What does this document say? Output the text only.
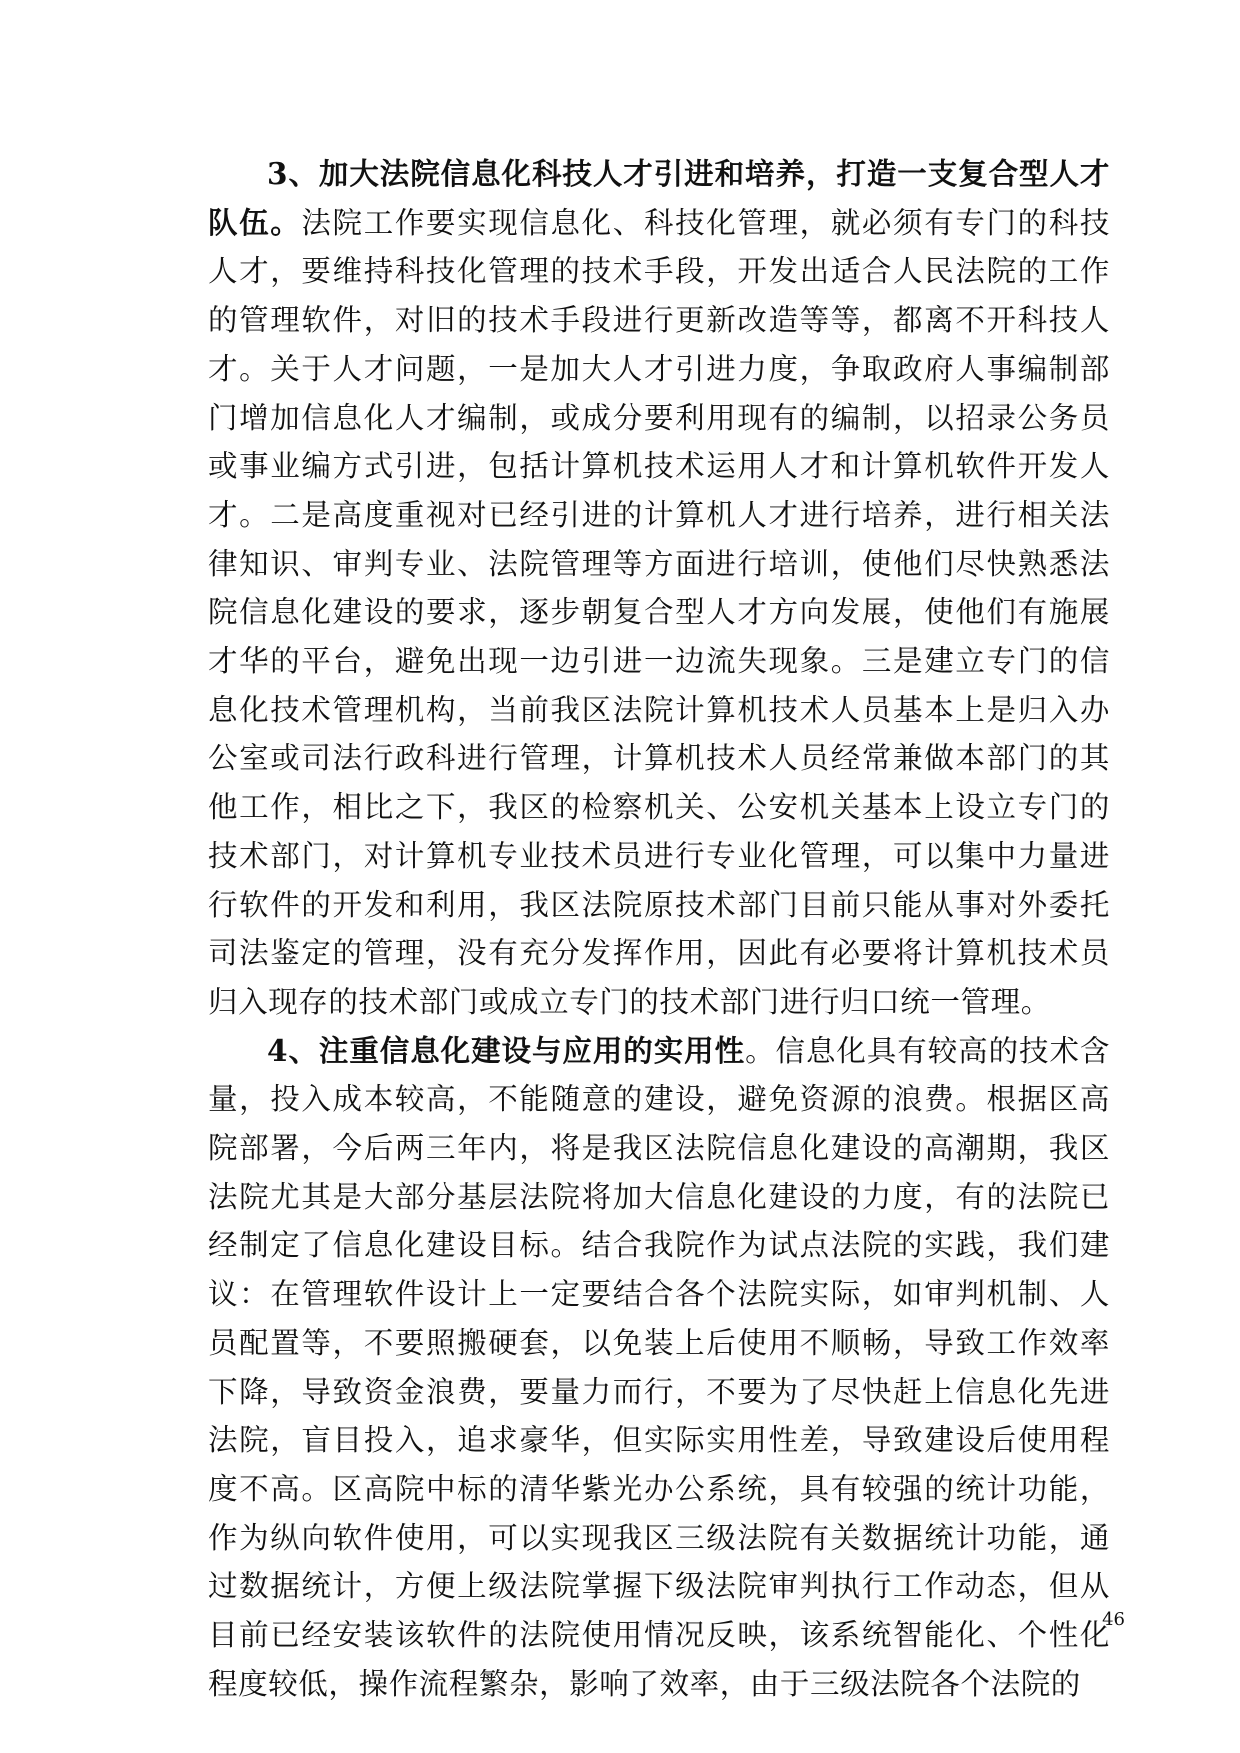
3、加大法院信息化科技人才引进和培养，打造一支复合型人才队伍。法院工作要实现信息化、科技化管理，就必须有专门的科技人才，要维持科技化管理的技术手段，开发出适合人民法院的工作的管理软件，对旧的技术手段进行更新改造等等，都离不开科技人才。关于人才问题，一是加大人才引进力度，争取政府人事编制部门增加信息化人才编制，或成分要利用现有的编制，以招录公务员或事业编方式引进，包括计算机技术运用人才和计算机软件开发人才。二是高度重视对已经引进的计算机人才进行培养，进行相关法律知识、审判专业、法院管理等方面进行培训，使他们尽快熟悉法院信息化建设的要求，逐步朝复合型人才方向发展，使他们有施展才华的平台，避免出现一边引进一边流失现象。三是建立专门的信息化技术管理机构，当前我区法院计算机技术人员基本上是归入办公室或司法行政科进行管理，计算机技术人员经常兼做本部门的其他工作，相比之下，我区的检察机关、公安机关基本上设立专门的技术部门，对计算机专业技术员进行专业化管理，可以集中力量进行软件的开发和利用，我区法院原技术部门目前只能从事对外委托司法鉴定的管理，没有充分发挥作用，因此有必要将计算机技术员归入现存的技术部门或成立专门的技术部门进行归口统一管理。

4、注重信息化建设与应用的实用性。信息化具有较高的技术含量，投入成本较高，不能随意的建设，避免资源的浪费。根据区高院部署，今后两三年内，将是我区法院信息化建设的高潮期，我区法院尤其是大部分基层法院将加大信息化建设的力度，有的法院已经制定了信息化建设目标。结合我院作为试点法院的实践，我们建议：在管理软件设计上一定要结合各个法院实际，如审判机制、人员配置等，不要照搬硬套，以免装上后使用不顺畅，导致工作效率下降，导致资金浪费，要量力而行，不要为了尽快赶上信息化先进法院，盲目投入，追求豪华，但实际实用性差，导致建设后使用程度不高。区高院中标的清华紫光办公系统，具有较强的统计功能，作为纵向软件使用，可以实现我区三级法院有关数据统计功能，通过数据统计，方便上级法院掌握下级法院审判执行工作动态，但从目前已经安装该软件的法院使用情况反映，该系统智能化、个性化程度较低，操作流程繁杂，影响了效率，由于三级法院各个法院的

46
